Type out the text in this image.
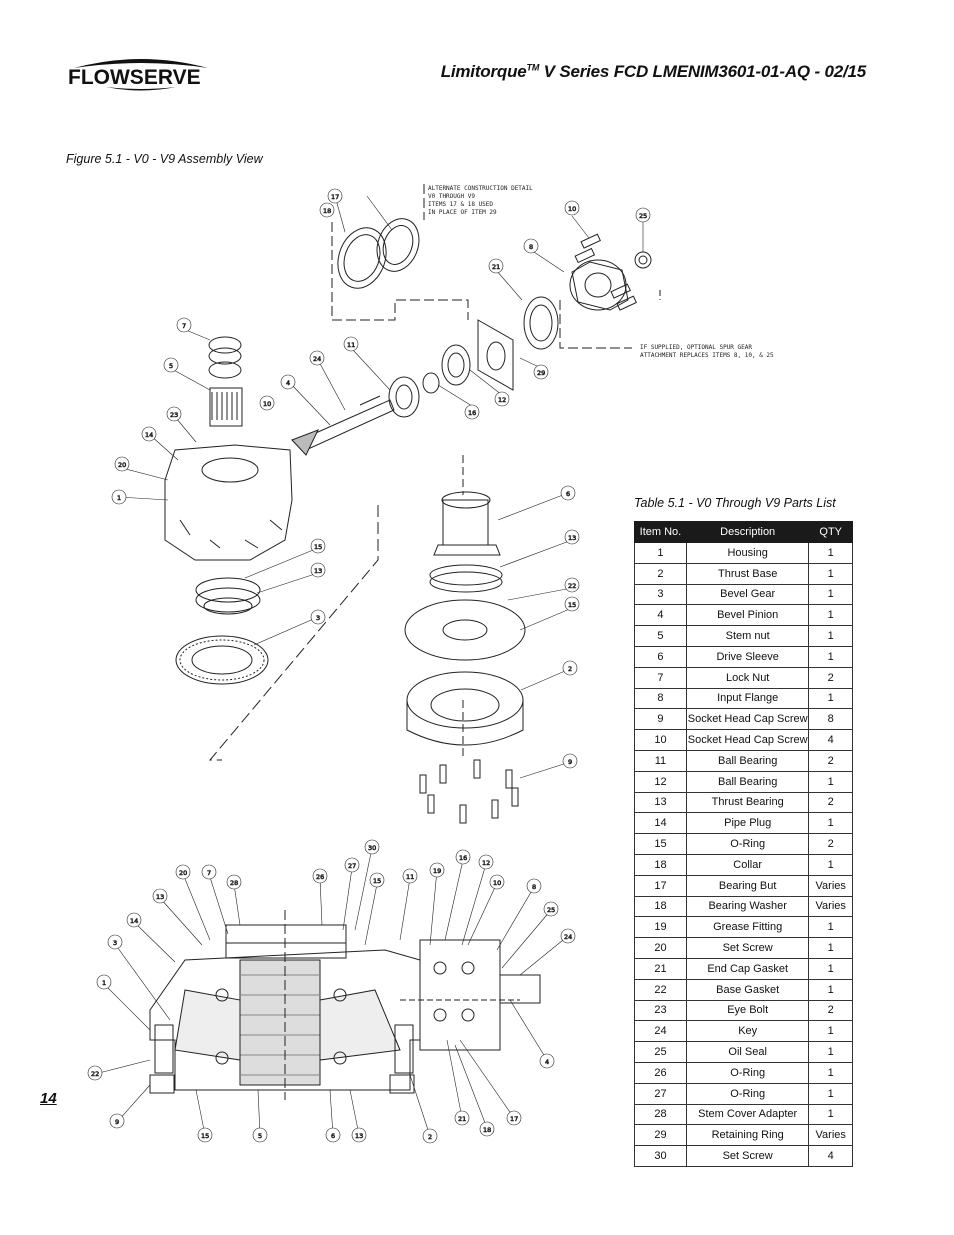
FLOWSERVE	Limitorque™ V Series FCD LMENIM3601-01-AQ - 02/15
Figure 5.1 - V0 - V9 Assembly View
ALTERNATE CONSTRUCTION DETAIL
V0 THROUGH V9
ITEMS 17 & 18 USED
IN PLACE OF ITEM 29
IF SUPPLIED, OPTIONAL SPUR GEAR
ATTACHMENT REPLACES ITEMS 8, 10, & 25
17
18	10
25
8
21
29
12
16
11
24
4
7
5
10
23
14
20
1	6
13
22
15
2
15
13
3
9
13
14
3
1
22
9
20	7
28
26
27
30
15	11
19
16
12
10	8
25
24
4
17
18
21
2
13
6
5
15
Table 5.1 - V0 Through V9 Parts List
Item No.	Description	QTY
1	Housing	1
2	Thrust Base	1
3	Bevel Gear	1
4	Bevel Pinion	1
5	Stem nut	1
6	Drive Sleeve	1
7	Lock Nut	2
8	Input Flange	1
9	Socket Head Cap Screw	8
10	Socket Head Cap Screw	4
11	Ball Bearing	2
12	Ball Bearing	1
13	Thrust Bearing	2
14	Pipe Plug	1
15	O-Ring	2
18	Collar	1
17	Bearing But	Varies
18	Bearing Washer	Varies
19	Grease Fitting	1
20	Set Screw	1
21	End Cap Gasket	1
22	Base Gasket	1
23	Eye Bolt	2
24	Key	1
25	Oil Seal	1
26	O-Ring	1
27	O-Ring	1
28	Stem Cover Adapter	1
29	Retaining Ring	Varies
30	Set Screw	4
14
